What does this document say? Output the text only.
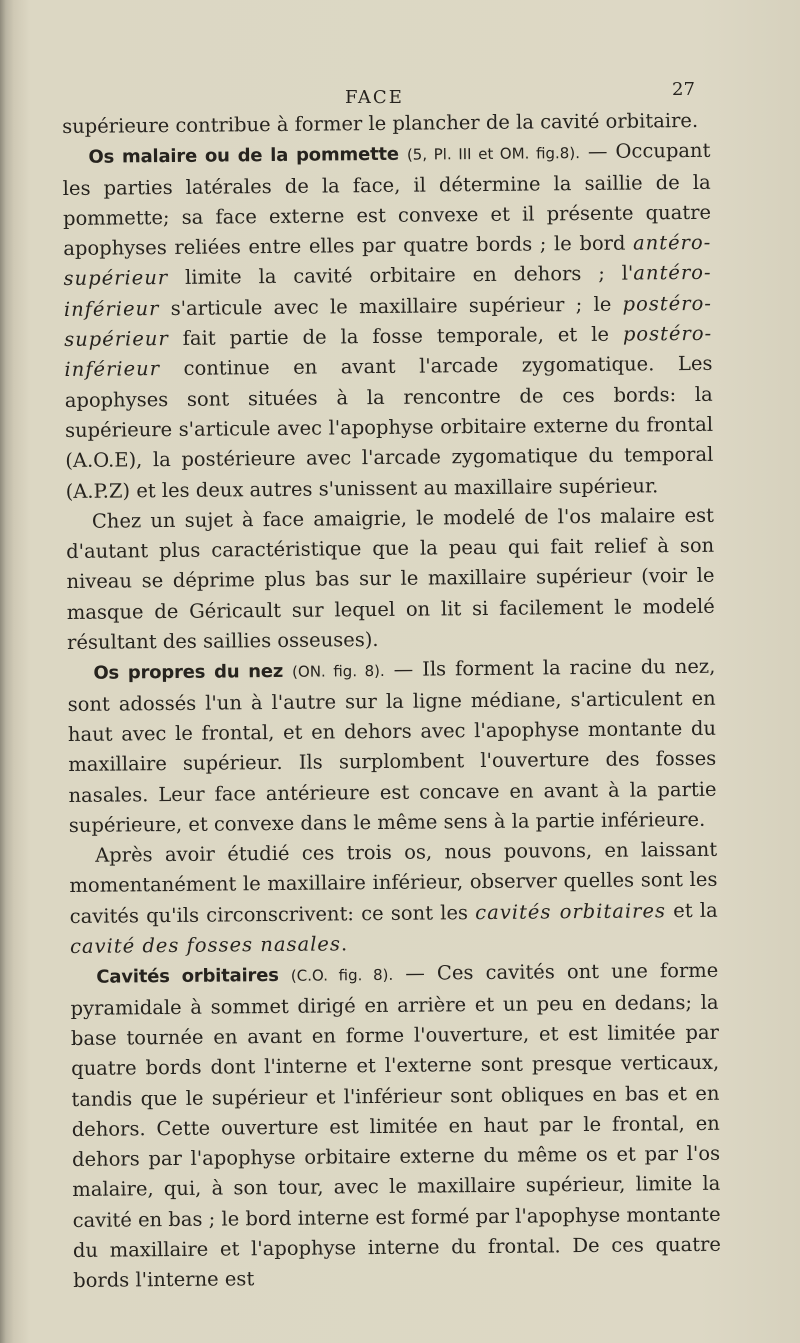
FACE	27

supérieure contribue à former le plancher de la cavité orbitaire.

Os malaire ou de la pommette (5, Pl. III et OM. fig.8). — Occupant les parties latérales de la face, il détermine la saillie de la pommette; sa face externe est convexe et il présente quatre apophyses reliées entre elles par quatre bords ; le bord antéro-supérieur limite la cavité orbitaire en dehors ; l'antéro-inférieur s'articule avec le maxillaire supérieur ; le postéro-supérieur fait partie de la fosse temporale, et le postéro-inférieur continue en avant l'arcade zygomatique. Les apophyses sont situées à la rencontre de ces bords: la supérieure s'articule avec l'apophyse orbitaire externe du frontal (A.O.E), la postérieure avec l'arcade zygomatique du temporal (A.P.Z) et les deux autres s'unissent au maxillaire supérieur.

Chez un sujet à face amaigrie, le modelé de l'os malaire est d'autant plus caractéristique que la peau qui fait relief à son niveau se déprime plus bas sur le maxillaire supérieur (voir le masque de Géricault sur lequel on lit si facilement le modelé résultant des saillies osseuses).

Os propres du nez (ON. fig. 8). — Ils forment la racine du nez, sont adossés l'un à l'autre sur la ligne médiane, s'articulent en haut avec le frontal, et en dehors avec l'apophyse montante du maxillaire supérieur. Ils surplombent l'ouverture des fosses nasales. Leur face antérieure est concave en avant à la partie supérieure, et convexe dans le même sens à la partie inférieure.

Après avoir étudié ces trois os, nous pouvons, en laissant momentanément le maxillaire inférieur, observer quelles sont les cavités qu'ils circonscrivent: ce sont les cavités orbitaires et la cavité des fosses nasales.

Cavités orbitaires (C.O. fig. 8). — Ces cavités ont une forme pyramidale à sommet dirigé en arrière et un peu en dedans; la base tournée en avant en forme l'ouverture, et est limitée par quatre bords dont l'interne et l'externe sont presque verticaux, tandis que le supérieur et l'inférieur sont obliques en bas et en dehors. Cette ouverture est limitée en haut par le frontal, en dehors par l'apophyse orbitaire externe du même os et par l'os malaire, qui, à son tour, avec le maxillaire supérieur, limite la cavité en bas ; le bord interne est formé par l'apophyse montante du maxillaire et l'apophyse interne du frontal. De ces quatre bords l'interne est
